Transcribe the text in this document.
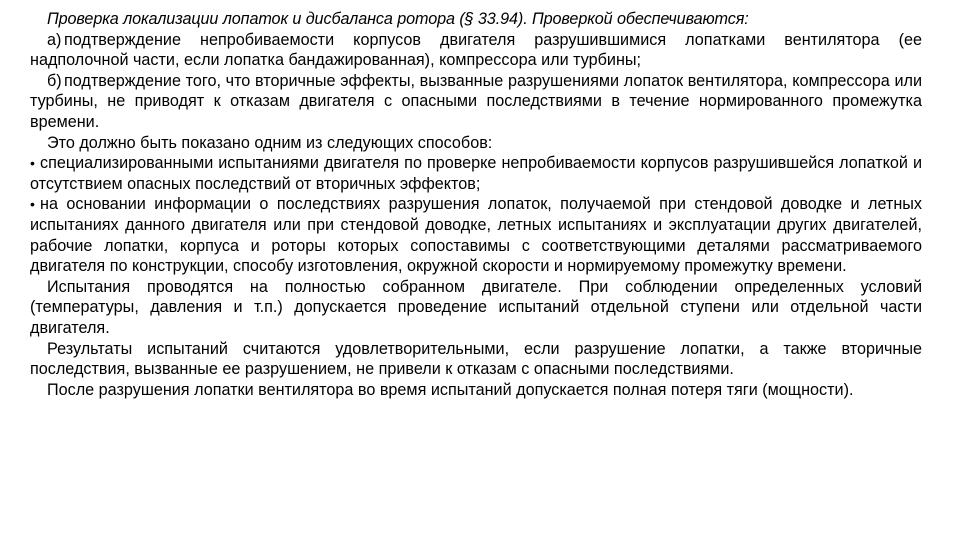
Проверка локализации лопаток и дисбаланса ротора (§ 33.94). Проверкой обеспечиваются:

а) подтверждение непробиваемости корпусов двигателя разрушившимися лопатками вентилятора (ее надполочной части, если лопатка бандажированная), компрессора или турбины;

б) подтверждение того, что вторичные эффекты, вызванные разрушениями лопаток вентилятора, компрессора или турбины, не приводят к отказам двигателя с опасными последствиями в течение нормированного промежутка времени.

Это должно быть показано одним из следующих способов:

• специализированными испытаниями двигателя по проверке непробиваемости корпусов разрушившейся лопаткой и отсутствием опасных последствий от вторичных эффектов;

• на основании информации о последствиях разрушения лопаток, получаемой при стендовой доводке и летных испытаниях данного двигателя или при стендовой доводке, летных испытаниях и эксплуатации других двигателей, рабочие лопатки, корпуса и роторы которых сопоставимы с соответствующими деталями рассматриваемого двигателя по конструкции, способу изготовления, окружной скорости и нормируемому промежутку времени.

Испытания проводятся на полностью собранном двигателе. При соблюдении определенных условий (температуры, давления и т.п.) допускается проведение испытаний отдельной ступени или отдельной части двигателя.

Результаты испытаний считаются удовлетворительными, если разрушение лопатки, а также вторичные последствия, вызванные ее разрушением, не привели к отказам с опасными последствиями.

После разрушения лопатки вентилятора во время испытаний допускается полная потеря тяги (мощности).
